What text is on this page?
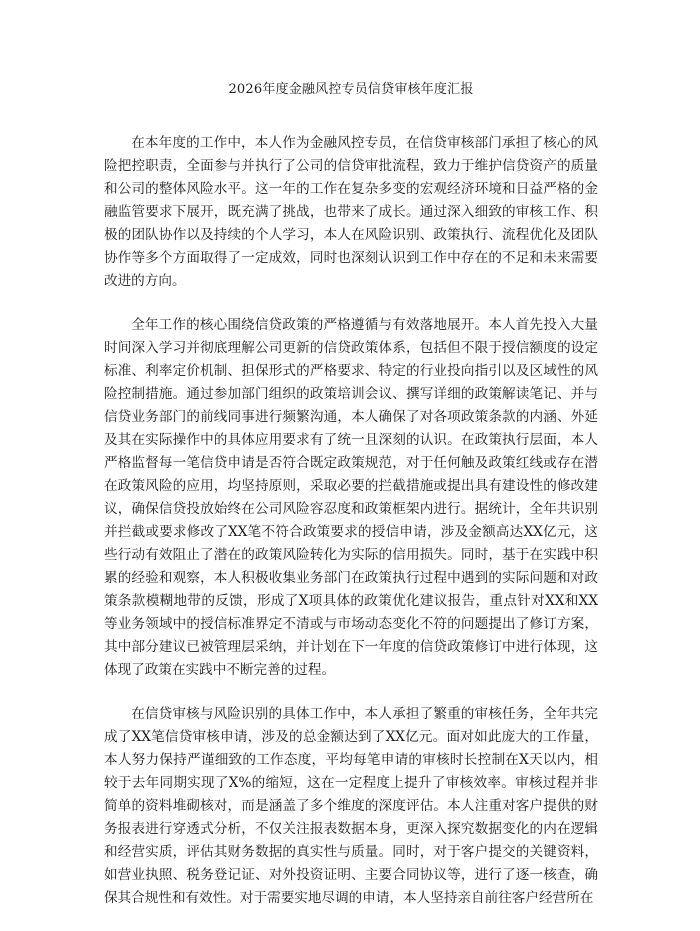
2026年度金融风控专员信贷审核年度汇报

在本年度的工作中，本人作为金融风控专员，在信贷审核部门承担了核心的风险把控职责，全面参与并执行了公司的信贷审批流程，致力于维护信贷资产的质量和公司的整体风险水平。这一年的工作在复杂多变的宏观经济环境和日益严格的金融监管要求下展开，既充满了挑战，也带来了成长。通过深入细致的审核工作、积极的团队协作以及持续的个人学习，本人在风险识别、政策执行、流程优化及团队协作等多个方面取得了一定成效，同时也深刻认识到工作中存在的不足和未来需要改进的方向。

全年工作的核心围绕信贷政策的严格遵循与有效落地展开。本人首先投入大量时间深入学习并彻底理解公司更新的信贷政策体系，包括但不限于授信额度的设定标准、利率定价机制、担保形式的严格要求、特定的行业投向指引以及区域性的风险控制措施。通过参加部门组织的政策培训会议、撰写详细的政策解读笔记、并与信贷业务部门的前线同事进行频繁沟通，本人确保了对各项政策条款的内涵、外延及其在实际操作中的具体应用要求有了统一且深刻的认识。在政策执行层面，本人严格监督每一笔信贷申请是否符合既定政策规范，对于任何触及政策红线或存在潜在政策风险的应用，均坚持原则，采取必要的拦截措施或提出具有建设性的修改建议，确保信贷投放始终在公司风险容忍度和政策框架内进行。据统计，全年共识别并拦截或要求修改了XX笔不符合政策要求的授信申请，涉及金额高达XX亿元，这些行动有效阻止了潜在的政策风险转化为实际的信用损失。同时，基于在实践中积累的经验和观察，本人积极收集业务部门在政策执行过程中遇到的实际问题和对政策条款模糊地带的反馈，形成了X项具体的政策优化建议报告，重点针对XX和XX等业务领域中的授信标准界定不清或与市场动态变化不符的问题提出了修订方案，其中部分建议已被管理层采纳，并计划在下一年度的信贷政策修订中进行体现，这体现了政策在实践中不断完善的过程。

在信贷审核与风险识别的具体工作中，本人承担了繁重的审核任务，全年共完成了XX笔信贷审核申请，涉及的总金额达到了XX亿元。面对如此庞大的工作量，本人努力保持严谨细致的工作态度，平均每笔申请的审核时长控制在X天以内，相较于去年同期实现了X%的缩短，这在一定程度上提升了审核效率。审核过程并非简单的资料堆砌核对，而是涵盖了多个维度的深度评估。本人注重对客户提供的财务报表进行穿透式分析，不仅关注报表数据本身，更深入探究数据变化的内在逻辑和经营实质，评估其财务数据的真实性与质量。同时，对于客户提交的关键资料，如营业执照、税务登记证、对外投资证明、主要合同协议等，进行了逐一核查，确保其合规性和有效性。对于需要实地尽调的申请，本人坚持亲自前往客户经营所在
